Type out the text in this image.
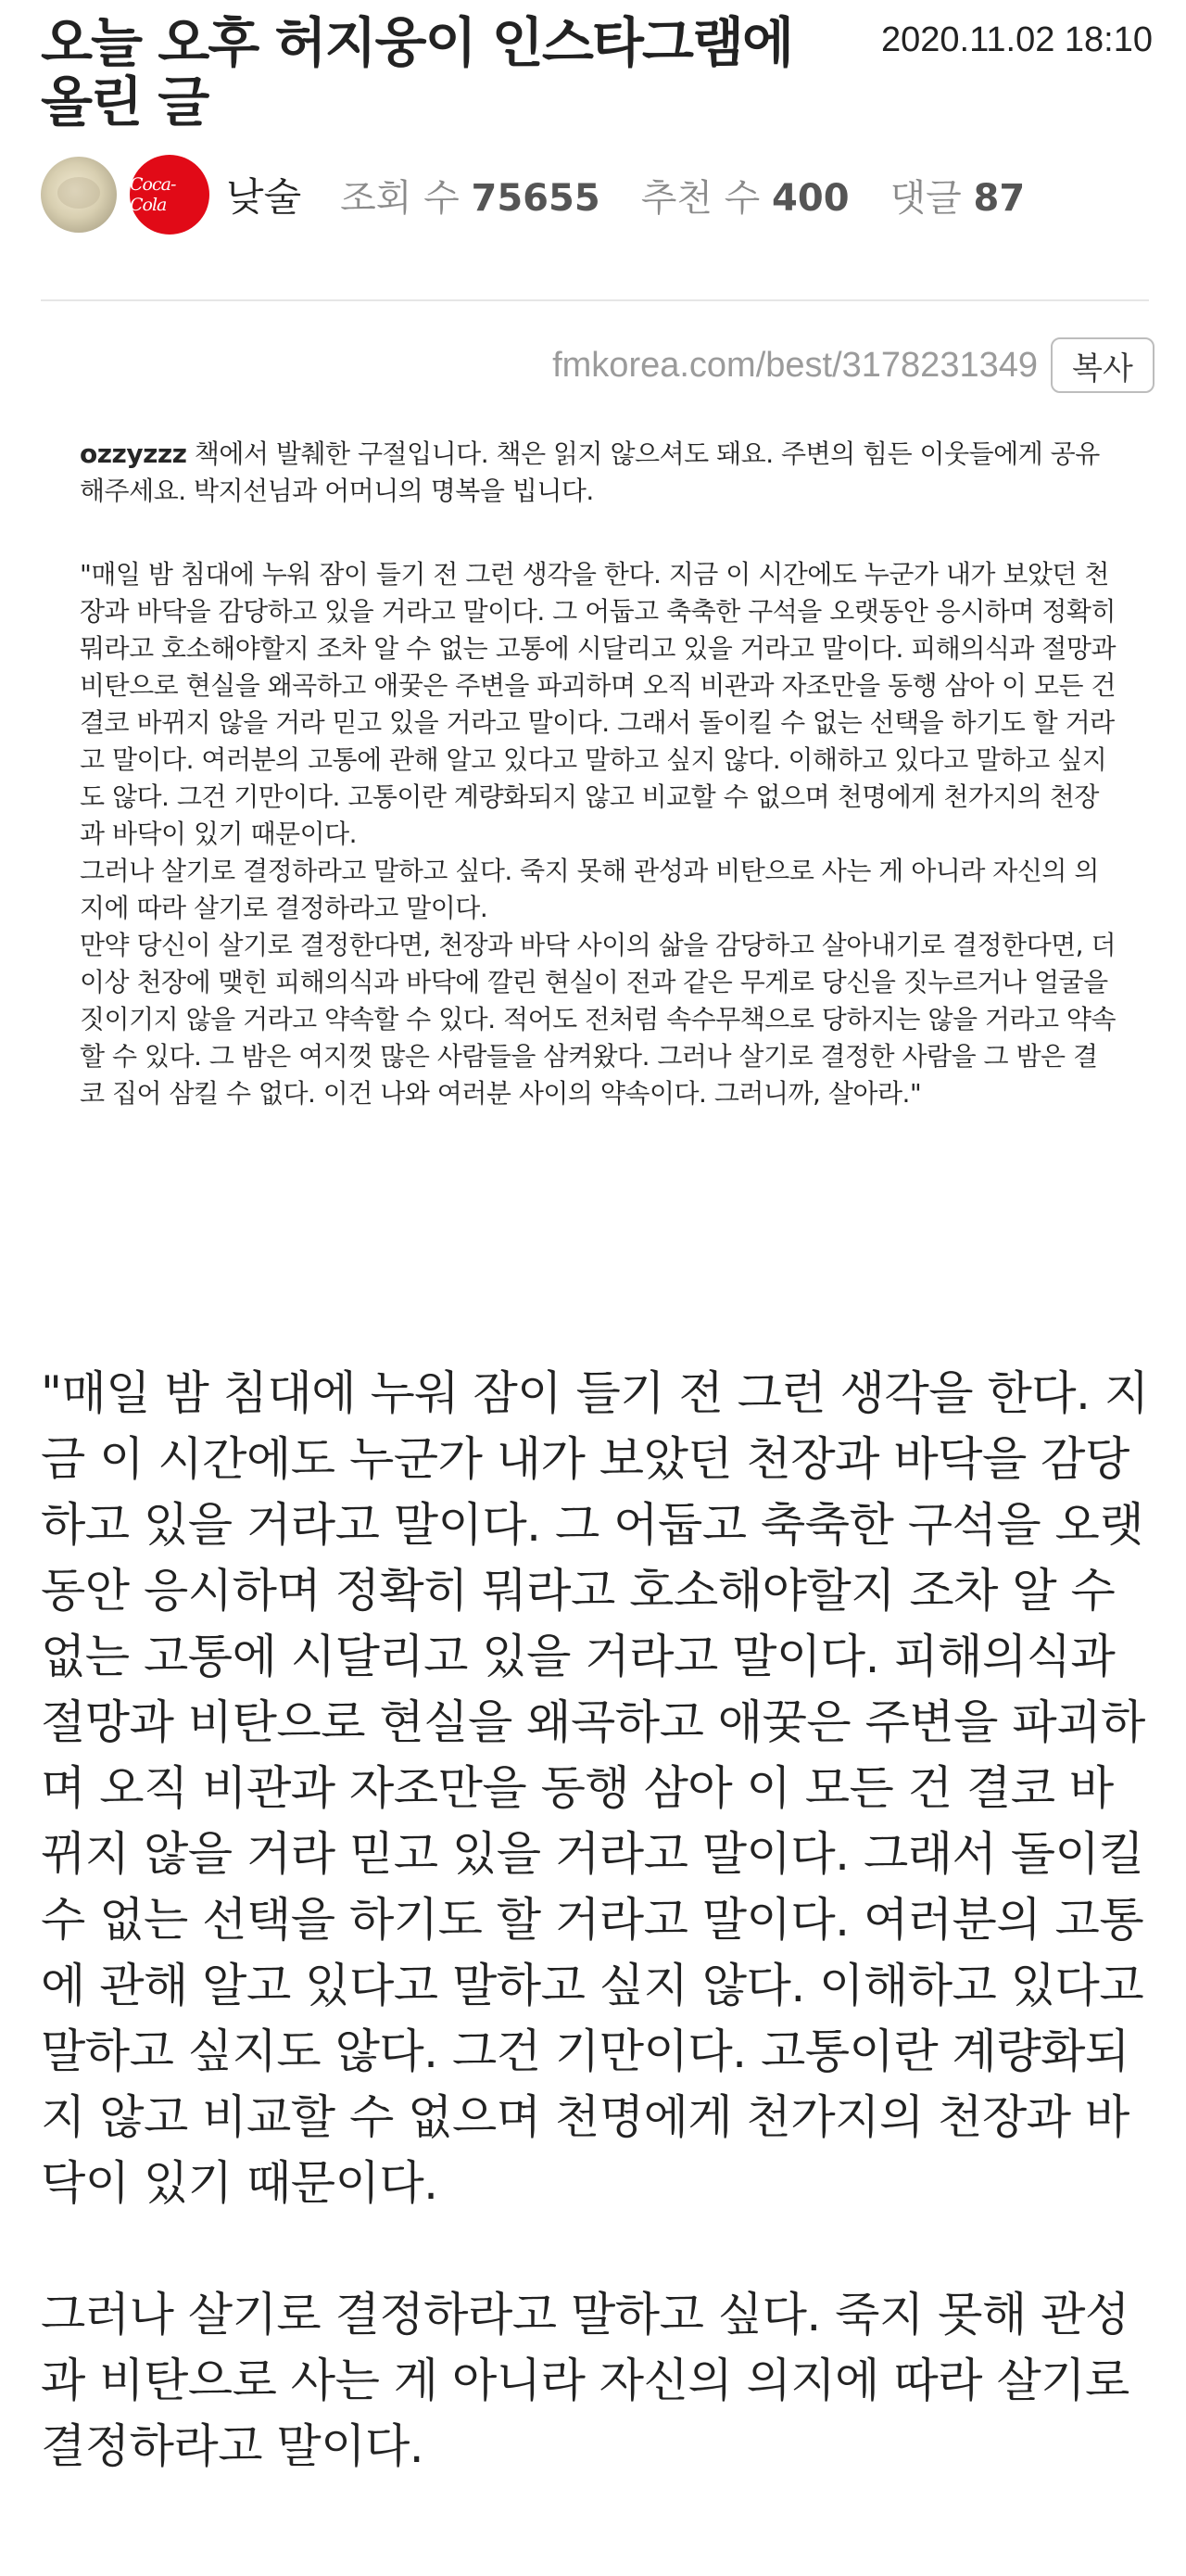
오늘 오후 허지웅이 인스타그램에 올린 글
2020.11.02 18:10
Coca-Cola	낮술 조회 수 75655 추천 수 400 댓글 87
fmkorea.com/best/3178231349	복사

ozzyzzz 책에서 발췌한 구절입니다. 책은 읽지 않으셔도 돼요. 주변의 힘든 이웃들에게 공유해주세요. 박지선님과 어머니의 명복을 빕니다.

"매일 밤 침대에 누워 잠이 들기 전 그런 생각을 한다. 지금 이 시간에도 누군가 내가 보았던 천장과 바닥을 감당하고 있을 거라고 말이다. 그 어둡고 축축한 구석을 오랫동안 응시하며 정확히 뭐라고 호소해야할지 조차 알 수 없는 고통에 시달리고 있을 거라고 말이다. 피해의식과 절망과 비탄으로 현실을 왜곡하고 애꿎은 주변을 파괴하며 오직 비관과 자조만을 동행 삼아 이 모든 건 결코 바뀌지 않을 거라 믿고 있을 거라고 말이다. 그래서 돌이킬 수 없는 선택을 하기도 할 거라고 말이다. 여러분의 고통에 관해 알고 있다고 말하고 싶지 않다. 이해하고 있다고 말하고 싶지도 않다. 그건 기만이다. 고통이란 계량화되지 않고 비교할 수 없으며 천명에게 천가지의 천장과 바닥이 있기 때문이다.

그러나 살기로 결정하라고 말하고 싶다. 죽지 못해 관성과 비탄으로 사는 게 아니라 자신의 의지에 따라 살기로 결정하라고 말이다.

만약 당신이 살기로 결정한다면, 천장과 바닥 사이의 삶을 감당하고 살아내기로 결정한다면, 더 이상 천장에 맺힌 피해의식과 바닥에 깔린 현실이 전과 같은 무게로 당신을 짓누르거나 얼굴을 짓이기지 않을 거라고 약속할 수 있다. 적어도 전처럼 속수무책으로 당하지는 않을 거라고 약속할 수 있다. 그 밤은 여지껏 많은 사람들을 삼켜왔다. 그러나 살기로 결정한 사람을 그 밤은 결코 집어 삼킬 수 없다. 이건 나와 여러분 사이의 약속이다. 그러니까, 살아라."

"매일 밤 침대에 누워 잠이 들기 전 그런 생각을 한다. 지금 이 시간에도 누군가 내가 보았던 천장과 바닥을 감당하고 있을 거라고 말이다. 그 어둡고 축축한 구석을 오랫동안 응시하며 정확히 뭐라고 호소해야할지 조차 알 수 없는 고통에 시달리고 있을 거라고 말이다. 피해의식과 절망과 비탄으로 현실을 왜곡하고 애꿎은 주변을 파괴하며 오직 비관과 자조만을 동행 삼아 이 모든 건 결코 바뀌지 않을 거라 믿고 있을 거라고 말이다. 그래서 돌이킬 수 없는 선택을 하기도 할 거라고 말이다. 여러분의 고통에 관해 알고 있다고 말하고 싶지 않다. 이해하고 있다고 말하고 싶지도 않다. 그건 기만이다. 고통이란 계량화되지 않고 비교할 수 없으며 천명에게 천가지의 천장과 바닥이 있기 때문이다.

그러나 살기로 결정하라고 말하고 싶다. 죽지 못해 관성과 비탄으로 사는 게 아니라 자신의 의지에 따라 살기로 결정하라고 말이다.
